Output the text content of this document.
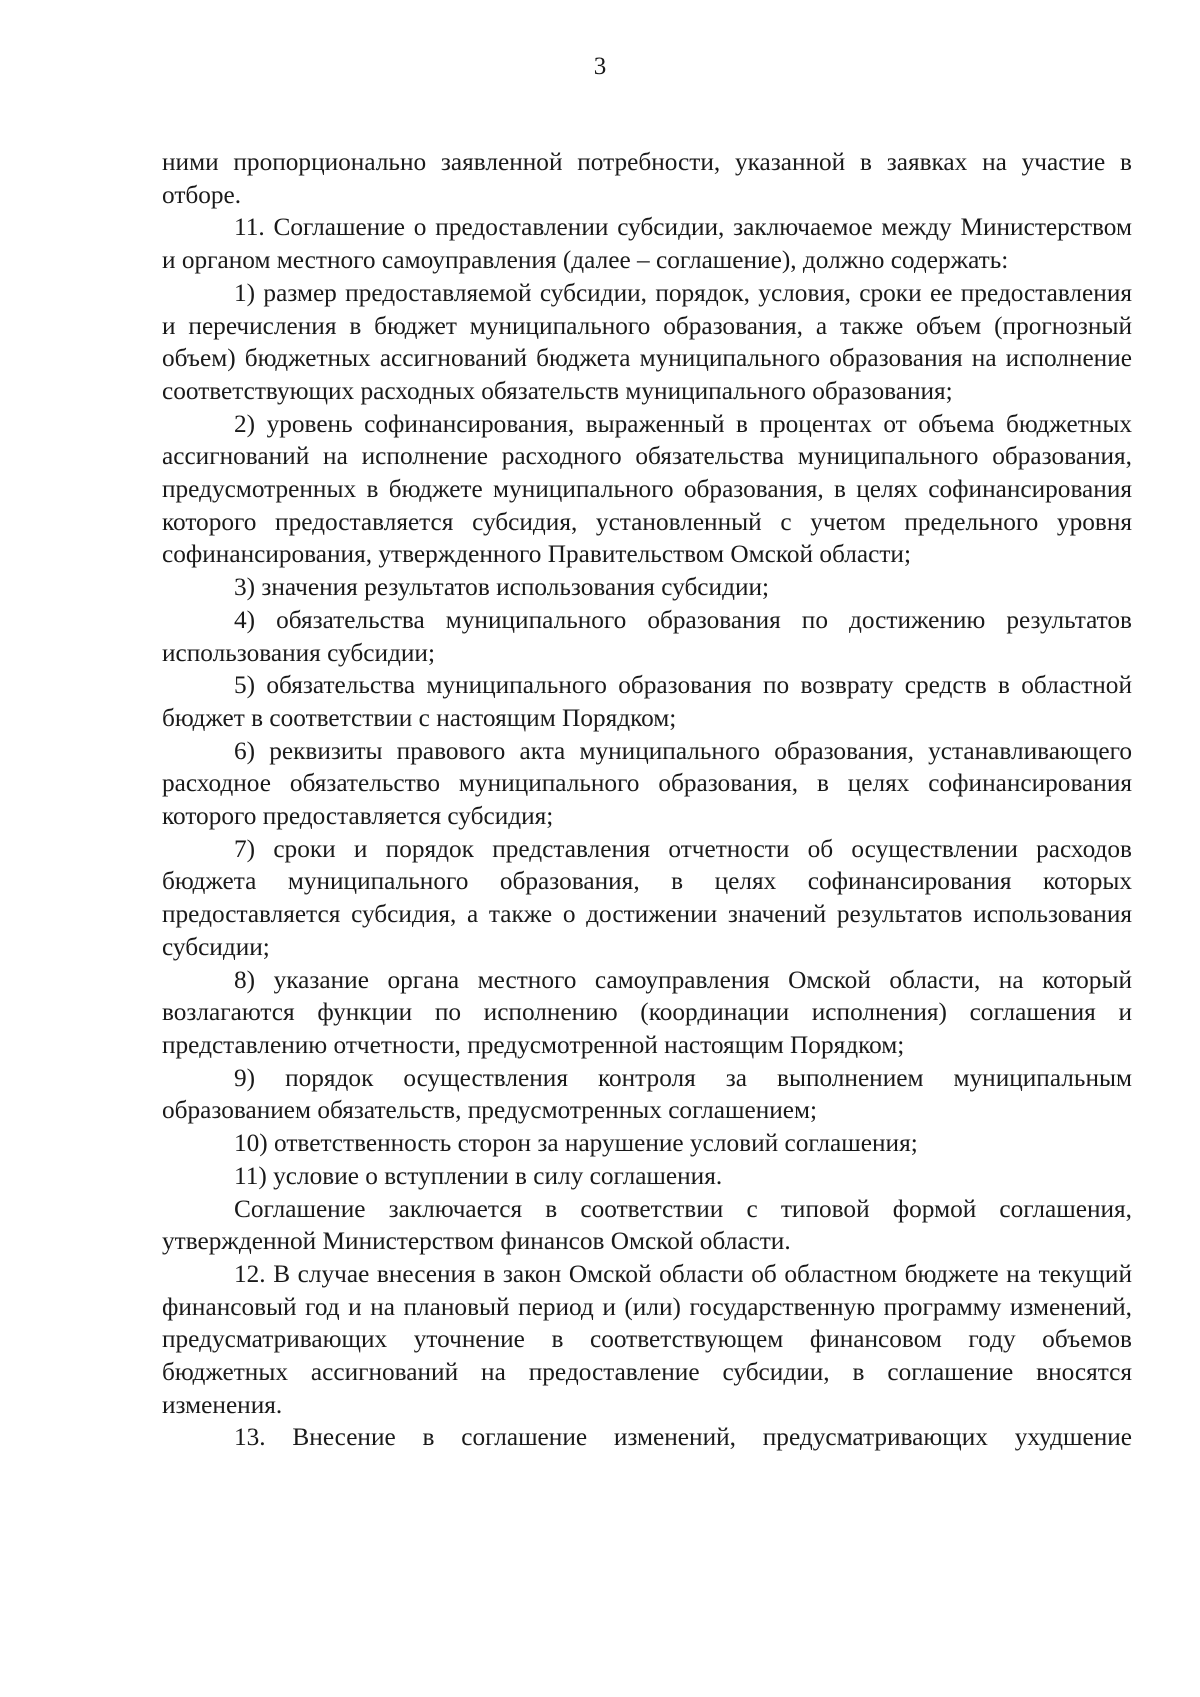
3

ними пропорционально заявленной потребности, указанной в заявках на участие в отборе.

11. Соглашение о предоставлении субсидии, заключаемое между Министерством и органом местного самоуправления (далее – соглашение), должно содержать:

1) размер предоставляемой субсидии, порядок, условия, сроки ее предоставления и перечисления в бюджет муниципального образования, а также объем (прогнозный объем) бюджетных ассигнований бюджета муниципального образования на исполнение соответствующих расходных обязательств муниципального образования;

2) уровень софинансирования, выраженный в процентах от объема бюджетных ассигнований на исполнение расходного обязательства муниципального образования, предусмотренных в бюджете муниципального образования, в целях софинансирования которого предоставляется субсидия, установленный с учетом предельного уровня софинансирования, утвержденного Правительством Омской области;

3) значения результатов использования субсидии;

4) обязательства муниципального образования по достижению результатов использования субсидии;

5) обязательства муниципального образования по возврату средств в областной бюджет в соответствии с настоящим Порядком;

6) реквизиты правового акта муниципального образования, устанавливающего расходное обязательство муниципального образования, в целях софинансирования которого предоставляется субсидия;

7) сроки и порядок представления отчетности об осуществлении расходов бюджета муниципального образования, в целях софинансирования которых предоставляется субсидия, а также о достижении значений результатов использования субсидии;

8) указание органа местного самоуправления Омской области, на который возлагаются функции по исполнению (координации исполнения) соглашения и представлению отчетности, предусмотренной настоящим Порядком;

9) порядок осуществления контроля за выполнением муниципальным образованием обязательств, предусмотренных соглашением;

10) ответственность сторон за нарушение условий соглашения;

11) условие о вступлении в силу соглашения.

Соглашение заключается в соответствии с типовой формой соглашения, утвержденной Министерством финансов Омской области.

12. В случае внесения в закон Омской области об областном бюджете на текущий финансовый год и на плановый период и (или) государственную программу изменений, предусматривающих уточнение в соответствующем финансовом году объемов бюджетных ассигнований на предоставление субсидии, в соглашение вносятся изменения.

13. Внесение в соглашение изменений, предусматривающих ухудшение
